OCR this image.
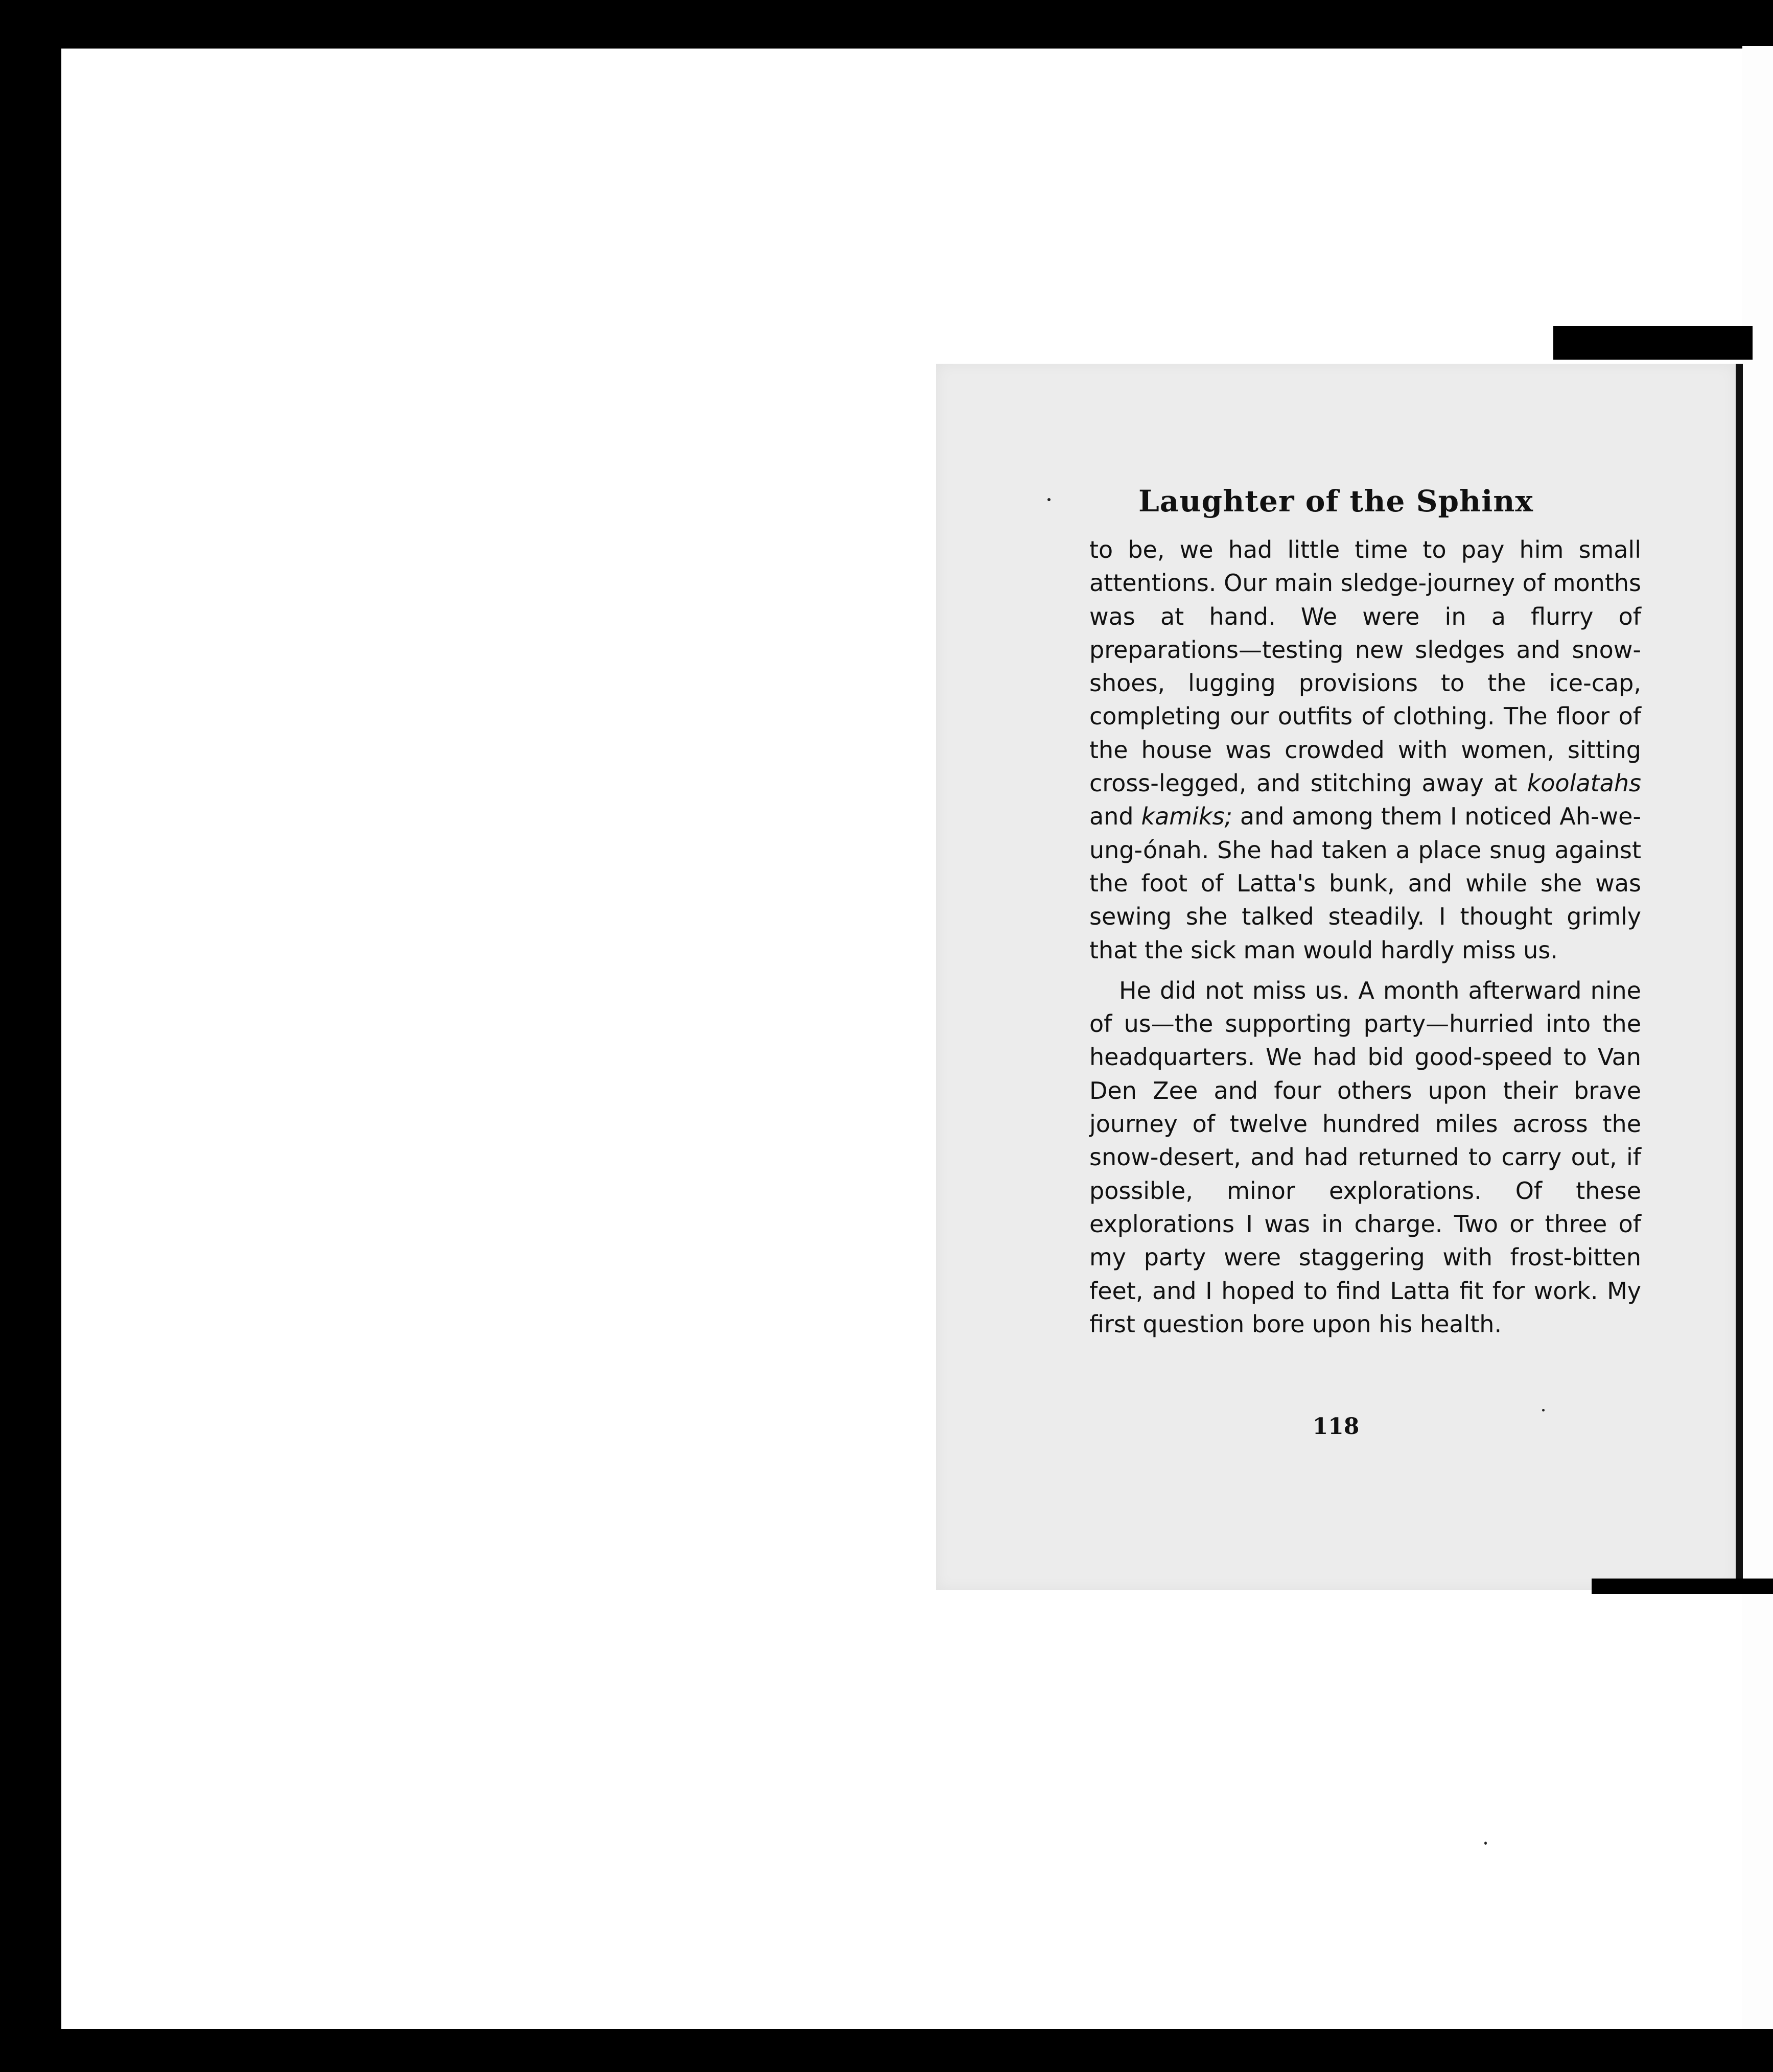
Laughter of the Sphinx

to be, we had little time to pay him small attentions. Our main sledge-journey of months was at hand. We were in a flurry of preparations—testing new sledges and snow-shoes, lugging provisions to the ice-cap, completing our outfits of clothing. The floor of the house was crowded with women, sitting cross-legged, and stitching away at koolatahs and kamiks; and among them I noticed Ah-we-ung-ónah. She had taken a place snug against the foot of Latta's bunk, and while she was sewing she talked steadily. I thought grimly that the sick man would hardly miss us.

He did not miss us. A month afterward nine of us—the supporting party—hurried into the headquarters. We had bid good-speed to Van Den Zee and four others upon their brave journey of twelve hundred miles across the snow-desert, and had returned to carry out, if possible, minor explorations. Of these explorations I was in charge. Two or three of my party were staggering with frost-bitten feet, and I hoped to find Latta fit for work. My first question bore upon his health.

118
